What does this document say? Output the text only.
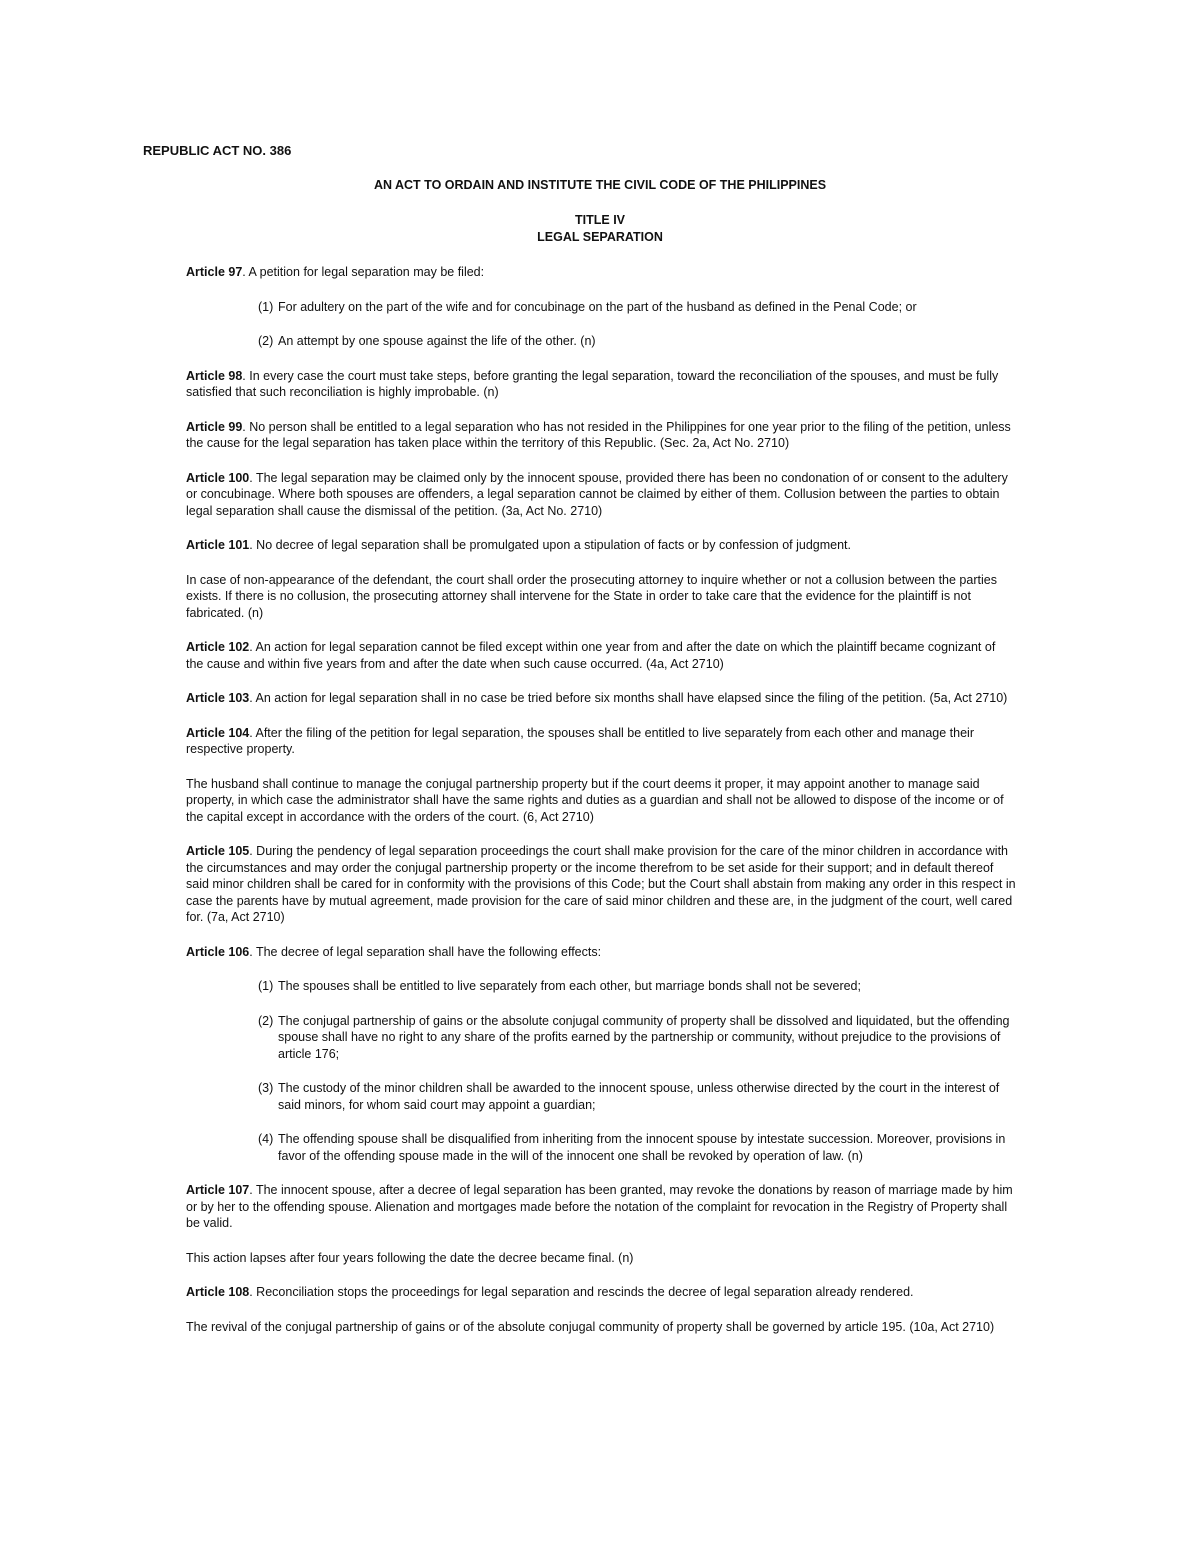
REPUBLIC ACT NO. 386
AN ACT TO ORDAIN AND INSTITUTE THE CIVIL CODE OF THE PHILIPPINES
TITLE IV
LEGAL SEPARATION

Article 97. A petition for legal separation may be filed:

(1) For adultery on the part of the wife and for concubinage on the part of the husband as defined in the Penal Code; or

(2) An attempt by one spouse against the life of the other. (n)

Article 98. In every case the court must take steps, before granting the legal separation, toward the reconciliation of the spouses, and must be fully satisfied that such reconciliation is highly improbable. (n)

Article 99. No person shall be entitled to a legal separation who has not resided in the Philippines for one year prior to the filing of the petition, unless the cause for the legal separation has taken place within the territory of this Republic. (Sec. 2a, Act No. 2710)

Article 100. The legal separation may be claimed only by the innocent spouse, provided there has been no condonation of or consent to the adultery or concubinage. Where both spouses are offenders, a legal separation cannot be claimed by either of them. Collusion between the parties to obtain legal separation shall cause the dismissal of the petition. (3a, Act No. 2710)

Article 101. No decree of legal separation shall be promulgated upon a stipulation of facts or by confession of judgment.

In case of non-appearance of the defendant, the court shall order the prosecuting attorney to inquire whether or not a collusion between the parties exists. If there is no collusion, the prosecuting attorney shall intervene for the State in order to take care that the evidence for the plaintiff is not fabricated. (n)

Article 102. An action for legal separation cannot be filed except within one year from and after the date on which the plaintiff became cognizant of the cause and within five years from and after the date when such cause occurred. (4a, Act 2710)

Article 103. An action for legal separation shall in no case be tried before six months shall have elapsed since the filing of the petition. (5a, Act 2710)

Article 104. After the filing of the petition for legal separation, the spouses shall be entitled to live separately from each other and manage their respective property.

The husband shall continue to manage the conjugal partnership property but if the court deems it proper, it may appoint another to manage said property, in which case the administrator shall have the same rights and duties as a guardian and shall not be allowed to dispose of the income or of the capital except in accordance with the orders of the court. (6, Act 2710)

Article 105. During the pendency of legal separation proceedings the court shall make provision for the care of the minor children in accordance with the circumstances and may order the conjugal partnership property or the income therefrom to be set aside for their support; and in default thereof said minor children shall be cared for in conformity with the provisions of this Code; but the Court shall abstain from making any order in this respect in case the parents have by mutual agreement, made provision for the care of said minor children and these are, in the judgment of the court, well cared for. (7a, Act 2710)

Article 106. The decree of legal separation shall have the following effects:

(1) The spouses shall be entitled to live separately from each other, but marriage bonds shall not be severed;

(2) The conjugal partnership of gains or the absolute conjugal community of property shall be dissolved and liquidated, but the offending spouse shall have no right to any share of the profits earned by the partnership or community, without prejudice to the provisions of article 176;

(3) The custody of the minor children shall be awarded to the innocent spouse, unless otherwise directed by the court in the interest of said minors, for whom said court may appoint a guardian;

(4) The offending spouse shall be disqualified from inheriting from the innocent spouse by intestate succession. Moreover, provisions in favor of the offending spouse made in the will of the innocent one shall be revoked by operation of law. (n)

Article 107. The innocent spouse, after a decree of legal separation has been granted, may revoke the donations by reason of marriage made by him or by her to the offending spouse. Alienation and mortgages made before the notation of the complaint for revocation in the Registry of Property shall be valid.

This action lapses after four years following the date the decree became final. (n)

Article 108. Reconciliation stops the proceedings for legal separation and rescinds the decree of legal separation already rendered.

The revival of the conjugal partnership of gains or of the absolute conjugal community of property shall be governed by article 195. (10a, Act 2710)
